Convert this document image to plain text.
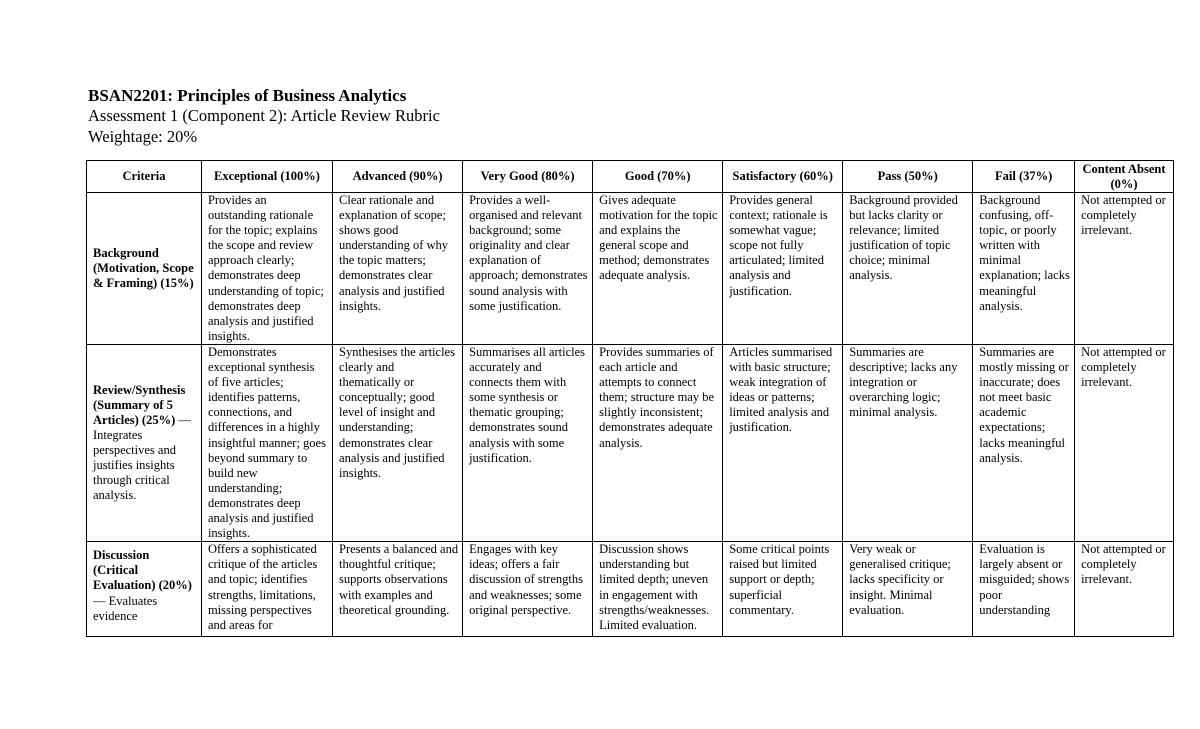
BSAN2201: Principles of Business Analytics
Assessment 1 (Component 2): Article Review Rubric
Weightage: 20%
Criteria	Exceptional (100%)	Advanced (90%)	Very Good (80%)	Good (70%)	Satisfactory (60%)	Pass (50%)	Fail (37%)	Content Absent (0%)
Background (Motivation, Scope & Framing) (15%)	Provides an outstanding rationale for the topic; explains the scope and review approach clearly; demonstrates deep understanding of topic; demonstrates deep analysis and justified insights.	Clear rationale and explanation of scope; shows good understanding of why the topic matters; demonstrates clear analysis and justified insights.	Provides a well-organised and relevant background; some originality and clear explanation of approach; demonstrates sound analysis with some justification.	Gives adequate motivation for the topic and explains the general scope and method; demonstrates adequate analysis.	Provides general context; rationale is somewhat vague; scope not fully articulated; limited analysis and justification.	Background provided but lacks clarity or relevance; limited justification of topic choice; minimal analysis.	Background confusing, off-topic, or poorly written with minimal explanation; lacks meaningful analysis.	Not attempted or completely irrelevant.
Review/Synthesis (Summary of 5 Articles) (25%) — Integrates perspectives and justifies insights through critical analysis.	Demonstrates exceptional synthesis of five articles; identifies patterns, connections, and differences in a highly insightful manner; goes beyond summary to build new understanding; demonstrates deep analysis and justified insights.	Synthesises the articles clearly and thematically or conceptually; good level of insight and understanding; demonstrates clear analysis and justified insights.	Summarises all articles accurately and connects them with some synthesis or thematic grouping; demonstrates sound analysis with some justification.	Provides summaries of each article and attempts to connect them; structure may be slightly inconsistent; demonstrates adequate analysis.	Articles summarised with basic structure; weak integration of ideas or patterns; limited analysis and justification.	Summaries are descriptive; lacks any integration or overarching logic; minimal analysis.	Summaries are mostly missing or inaccurate; does not meet basic academic expectations; lacks meaningful analysis.	Not attempted or completely irrelevant.
Discussion (Critical Evaluation) (20%) — Evaluates evidence	Offers a sophisticated critique of the articles and topic; identifies strengths, limitations, missing perspectives and areas for	Presents a balanced and thoughtful critique; supports observations with examples and theoretical grounding.	Engages with key ideas; offers a fair discussion of strengths and weaknesses; some original perspective.	Discussion shows understanding but limited depth; uneven in engagement with strengths/weaknesses. Limited evaluation.	Some critical points raised but limited support or depth; superficial commentary.	Very weak or generalised critique; lacks specificity or insight. Minimal evaluation.	Evaluation is largely absent or misguided; shows poor understanding	Not attempted or completely irrelevant.
